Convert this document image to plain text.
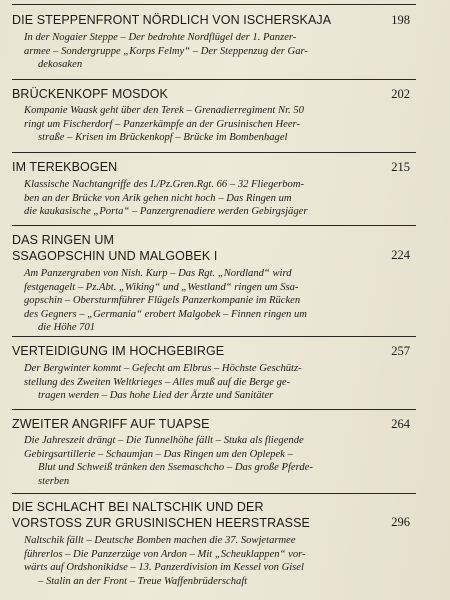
DIE STEPPENFRONT NÖRDLICH VON ISCHERSKAJA	198
In der Nogaier Steppe – Der bedrohte Nordflügel der 1. Panzer-
armee – Sondergruppe „Korps Felmy“ – Der Steppenzug der Gar-
dekosaken
BRÜCKENKOPF MOSDOK	202
Kompanie Waask geht über den Terek – Grenadierregiment Nr. 50
ringt um Fischerdorf – Panzerkämpfe an der Grusinischen Heer-
straße – Krisen im Brückenkopf – Brücke im Bombenhagel
IM TEREKBOGEN	215
Klassische Nachtangriffe des I./Pz.Gren.Rgt. 66 – 32 Fliegerbom-
ben an der Brücke von Arik gehen nicht hoch – Das Ringen um
die kaukasische „Porta“ – Panzergrenadiere werden Gebirgsjäger
DAS RINGEN UM
SSAGOPSCHIN UND MALGOBEK I	224
Am Panzergraben von Nish. Kurp – Das Rgt. „Nordland“ wird
festgenagelt – Pz.Abt. „Wiking“ und „Westland“ ringen um Ssa-
gopschin – Obersturmführer Flügels Panzerkompanie im Rücken
des Gegners – „Germania“ erobert Malgobek – Finnen ringen um
die Höhe 701
VERTEIDIGUNG IM HOCHGEBIRGE	257
Der Bergwinter kommt – Gefecht am Elbrus – Höchste Geschütz-
stellung des Zweiten Weltkrieges – Alles muß auf die Berge ge-
tragen werden – Das hohe Lied der Ärzte und Sanitäter
ZWEITER ANGRIFF AUF TUAPSE	264
Die Jahreszeit drängt – Die Tunnelhöhe fällt – Stuka als fliegende
Gebirgsartillerie – Schaumjan – Das Ringen um den Oplepek –
Blut und Schweiß tränken den Ssemaschcho – Das große Pferde-
sterben
DIE SCHLACHT BEI NALTSCHIK UND DER
VORSTOSS ZUR GRUSINISCHEN HEERSTRASSE	296
Naltschik fällt – Deutsche Bomben machen die 37. Sowjetarmee
führerlos – Die Panzerzüge von Ardon – Mit „Scheuklappen“ vor-
wärts auf Ordshonikidse – 13. Panzerdivision im Kessel von Gisel
– Stalin an der Front – Treue Waffenbrüderschaft
